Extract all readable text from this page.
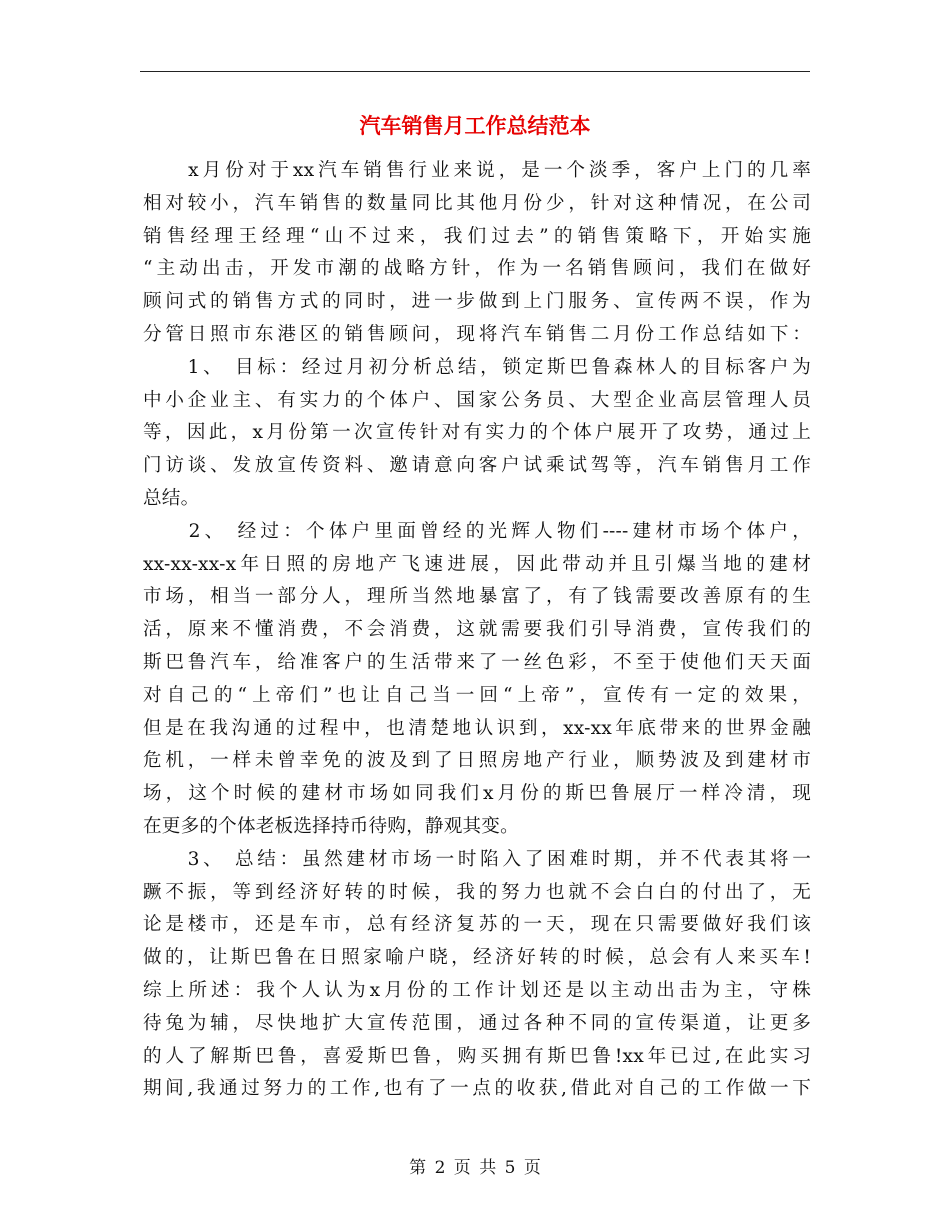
汽车销售月工作总结范本
　　x月份对于xx汽车销售行业来说，是一个淡季，客户上门的几率
相对较小，汽车销售的数量同比其他月份少，针对这种情况，在公司
销售经理王经理“山不过来，我们过去”的销售策略下，开始实施
“主动出击，开发市潮的战略方针，作为一名销售顾问，我们在做好
顾问式的销售方式的同时，进一步做到上门服务、宣传两不误，作为
分管日照市东港区的销售顾问，现将汽车销售二月份工作总结如下：
　　1、 目标：经过月初分析总结，锁定斯巴鲁森林人的目标客户为
中小企业主、有实力的个体户、国家公务员、大型企业高层管理人员
等，因此，x月份第一次宣传针对有实力的个体户展开了攻势，通过上
门访谈、发放宣传资料、邀请意向客户试乘试驾等，汽车销售月工作
总结。
　　2、 经过：个体户里面曾经的光辉人物们----建材市场个体户，
xx-xx-xx-x年日照的房地产飞速进展，因此带动并且引爆当地的建材
市场，相当一部分人，理所当然地暴富了，有了钱需要改善原有的生
活，原来不懂消费，不会消费，这就需要我们引导消费，宣传我们的
斯巴鲁汽车，给准客户的生活带来了一丝色彩，不至于使他们天天面
对自己的“上帝们”也让自己当一回“上帝”，宣传有一定的效果，
但是在我沟通的过程中，也清楚地认识到，xx-xx年底带来的世界金融
危机，一样未曾幸免的波及到了日照房地产行业，顺势波及到建材市
场，这个时候的建材市场如同我们x月份的斯巴鲁展厅一样冷清，现
在更多的个体老板选择持币待购，静观其变。
　　3、 总结：虽然建材市场一时陷入了困难时期，并不代表其将一
蹶不振，等到经济好转的时候，我的努力也就不会白白的付出了，无
论是楼市，还是车市，总有经济复苏的一天，现在只需要做好我们该
做的，让斯巴鲁在日照家喻户晓，经济好转的时候，总会有人来买车!
综上所述：我个人认为x月份的工作计划还是以主动出击为主，守株
待兔为辅，尽快地扩大宣传范围，通过各种不同的宣传渠道，让更多
的人了解斯巴鲁，喜爱斯巴鲁，购买拥有斯巴鲁!xx年已过,在此实习
期间,我通过努力的工作,也有了一点的收获,借此对自己的工作做一下
第 2 页 共 5 页
